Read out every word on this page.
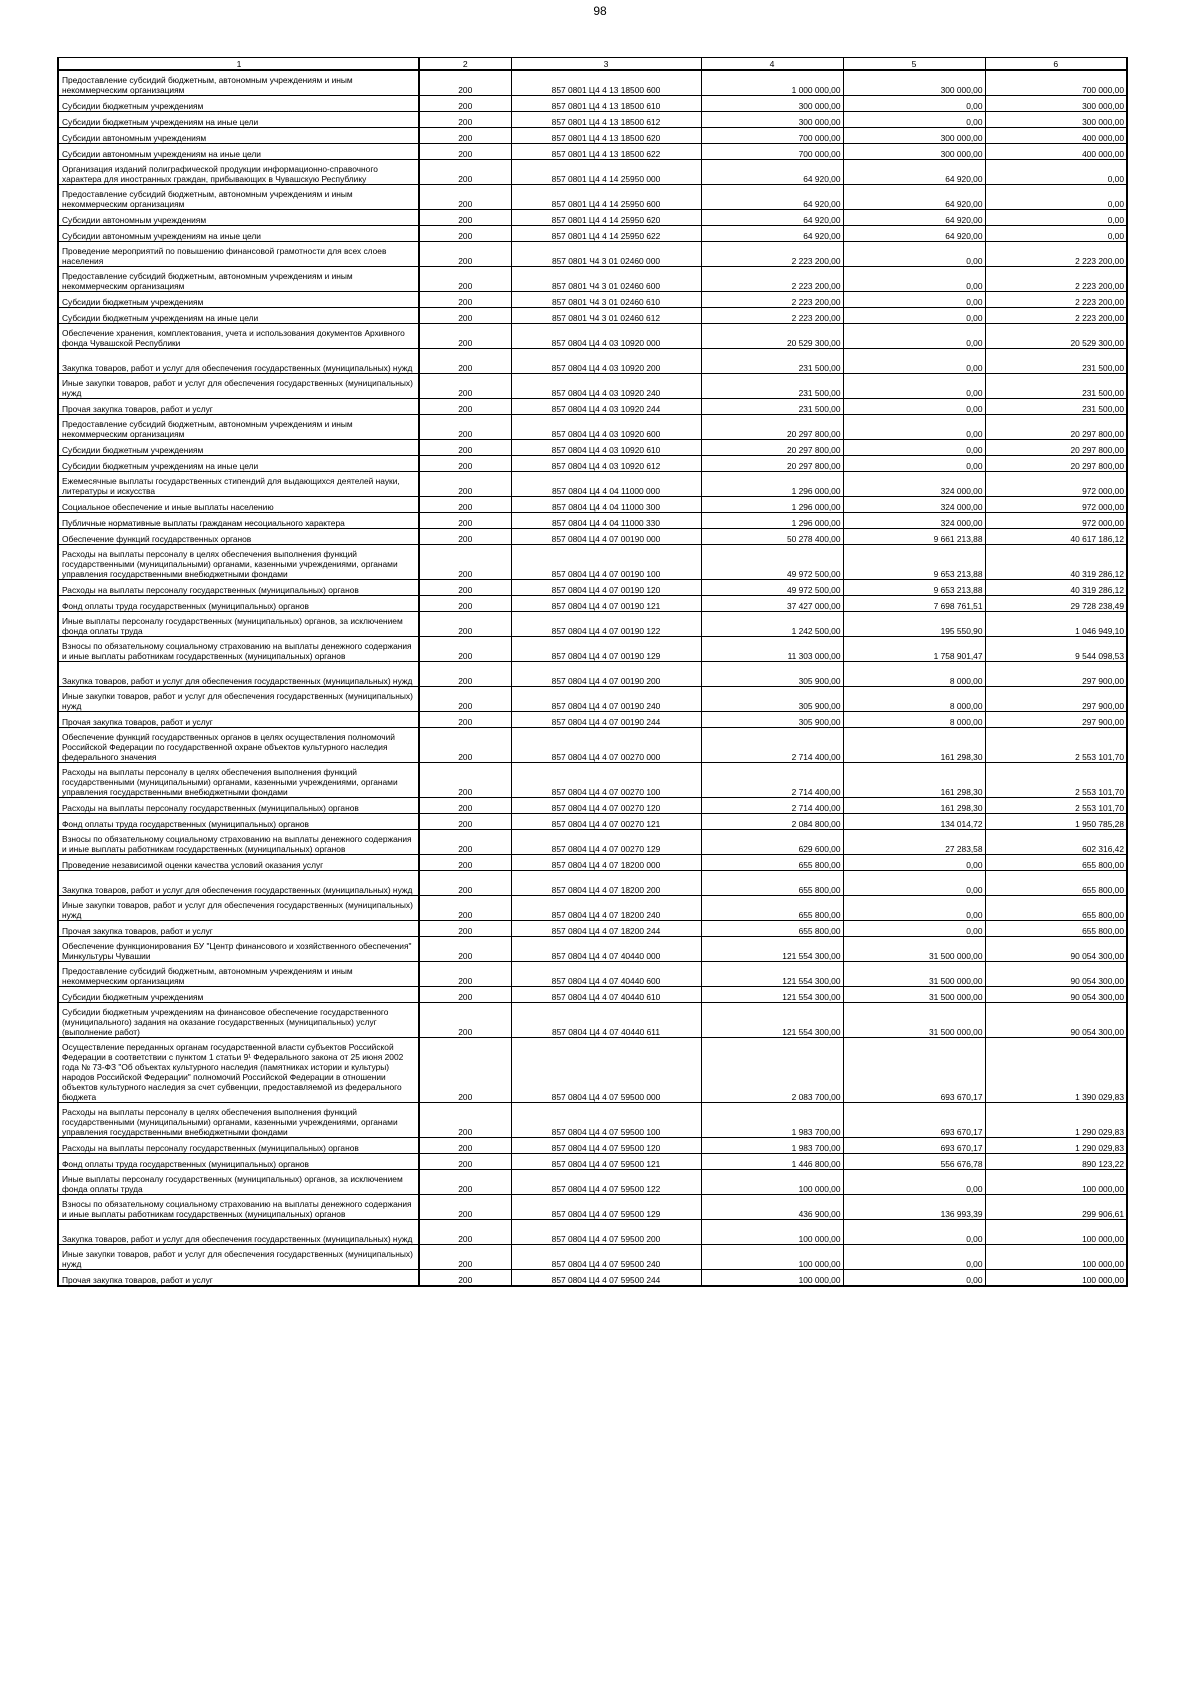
98
1	2	3	4	5	6
Предоставление субсидий бюджетным, автономным учреждениям и иным некоммерческим организациям	200	857 0801 Ц4 4 13 18500 600	1 000 000,00	300 000,00	700 000,00
Субсидии бюджетным учреждениям	200	857 0801 Ц4 4 13 18500 610	300 000,00	0,00	300 000,00
Субсидии бюджетным учреждениям на иные цели	200	857 0801 Ц4 4 13 18500 612	300 000,00	0,00	300 000,00
Субсидии автономным учреждениям	200	857 0801 Ц4 4 13 18500 620	700 000,00	300 000,00	400 000,00
Субсидии автономным учреждениям на иные цели	200	857 0801 Ц4 4 13 18500 622	700 000,00	300 000,00	400 000,00
Организация изданий полиграфической продукции информационно-справочного характера для иностранных граждан, прибывающих в Чувашскую Республику	200	857 0801 Ц4 4 14 25950 000	64 920,00	64 920,00	0,00
Предоставление субсидий бюджетным, автономным учреждениям и иным некоммерческим организациям	200	857 0801 Ц4 4 14 25950 600	64 920,00	64 920,00	0,00
Субсидии автономным учреждениям	200	857 0801 Ц4 4 14 25950 620	64 920,00	64 920,00	0,00
Субсидии автономным учреждениям на иные цели	200	857 0801 Ц4 4 14 25950 622	64 920,00	64 920,00	0,00
Проведение мероприятий по повышению финансовой грамотности для всех слоев населения	200	857 0801 Ч4 3 01 02460 000	2 223 200,00	0,00	2 223 200,00
Предоставление субсидий бюджетным, автономным учреждениям и иным некоммерческим организациям	200	857 0801 Ч4 3 01 02460 600	2 223 200,00	0,00	2 223 200,00
Субсидии бюджетным учреждениям	200	857 0801 Ч4 3 01 02460 610	2 223 200,00	0,00	2 223 200,00
Субсидии бюджетным учреждениям на иные цели	200	857 0801 Ч4 3 01 02460 612	2 223 200,00	0,00	2 223 200,00
Обеспечение хранения, комплектования, учета и использования документов Архивного фонда Чувашской Республики	200	857 0804 Ц4 4 03 10920 000	20 529 300,00	0,00	20 529 300,00
Закупка товаров, работ и услуг для обеспечения государственных (муниципальных) нужд	200	857 0804 Ц4 4 03 10920 200	231 500,00	0,00	231 500,00
Иные закупки товаров, работ и услуг для обеспечения государственных (муниципальных) нужд	200	857 0804 Ц4 4 03 10920 240	231 500,00	0,00	231 500,00
Прочая закупка товаров, работ и услуг	200	857 0804 Ц4 4 03 10920 244	231 500,00	0,00	231 500,00
Предоставление субсидий бюджетным, автономным учреждениям и иным некоммерческим организациям	200	857 0804 Ц4 4 03 10920 600	20 297 800,00	0,00	20 297 800,00
Субсидии бюджетным учреждениям	200	857 0804 Ц4 4 03 10920 610	20 297 800,00	0,00	20 297 800,00
Субсидии бюджетным учреждениям на иные цели	200	857 0804 Ц4 4 03 10920 612	20 297 800,00	0,00	20 297 800,00
Ежемесячные выплаты государственных стипендий для выдающихся деятелей науки, литературы и искусства	200	857 0804 Ц4 4 04 11000 000	1 296 000,00	324 000,00	972 000,00
Социальное обеспечение и иные выплаты населению	200	857 0804 Ц4 4 04 11000 300	1 296 000,00	324 000,00	972 000,00
Публичные нормативные выплаты гражданам несоциального характера	200	857 0804 Ц4 4 04 11000 330	1 296 000,00	324 000,00	972 000,00
Обеспечение функций государственных органов	200	857 0804 Ц4 4 07 00190 000	50 278 400,00	9 661 213,88	40 617 186,12
Расходы на выплаты персоналу в целях обеспечения выполнения функций государственными (муниципальными) органами, казенными учреждениями, органами управления государственными внебюджетными фондами	200	857 0804 Ц4 4 07 00190 100	49 972 500,00	9 653 213,88	40 319 286,12
Расходы на выплаты персоналу государственных (муниципальных) органов	200	857 0804 Ц4 4 07 00190 120	49 972 500,00	9 653 213,88	40 319 286,12
Фонд оплаты труда государственных (муниципальных) органов	200	857 0804 Ц4 4 07 00190 121	37 427 000,00	7 698 761,51	29 728 238,49
Иные выплаты персоналу государственных (муниципальных) органов, за исключением фонда оплаты труда	200	857 0804 Ц4 4 07 00190 122	1 242 500,00	195 550,90	1 046 949,10
Взносы по обязательному социальному страхованию на выплаты денежного содержания и иные выплаты работникам государственных (муниципальных) органов	200	857 0804 Ц4 4 07 00190 129	11 303 000,00	1 758 901,47	9 544 098,53
Закупка товаров, работ и услуг для обеспечения государственных (муниципальных) нужд	200	857 0804 Ц4 4 07 00190 200	305 900,00	8 000,00	297 900,00
Иные закупки товаров, работ и услуг для обеспечения государственных (муниципальных) нужд	200	857 0804 Ц4 4 07 00190 240	305 900,00	8 000,00	297 900,00
Прочая закупка товаров, работ и услуг	200	857 0804 Ц4 4 07 00190 244	305 900,00	8 000,00	297 900,00
Обеспечение функций государственных органов в целях осуществления полномочий Российской Федерации по государственной охране объектов культурного наследия федерального значения	200	857 0804 Ц4 4 07 00270 000	2 714 400,00	161 298,30	2 553 101,70
Расходы на выплаты персоналу в целях обеспечения выполнения функций государственными (муниципальными) органами, казенными учреждениями, органами управления государственными внебюджетными фондами	200	857 0804 Ц4 4 07 00270 100	2 714 400,00	161 298,30	2 553 101,70
Расходы на выплаты персоналу государственных (муниципальных) органов	200	857 0804 Ц4 4 07 00270 120	2 714 400,00	161 298,30	2 553 101,70
Фонд оплаты труда государственных (муниципальных) органов	200	857 0804 Ц4 4 07 00270 121	2 084 800,00	134 014,72	1 950 785,28
Взносы по обязательному социальному страхованию на выплаты денежного содержания и иные выплаты работникам государственных (муниципальных) органов	200	857 0804 Ц4 4 07 00270 129	629 600,00	27 283,58	602 316,42
Проведение независимой оценки качества условий оказания услуг	200	857 0804 Ц4 4 07 18200 000	655 800,00	0,00	655 800,00
Закупка товаров, работ и услуг для обеспечения государственных (муниципальных) нужд	200	857 0804 Ц4 4 07 18200 200	655 800,00	0,00	655 800,00
Иные закупки товаров, работ и услуг для обеспечения государственных (муниципальных) нужд	200	857 0804 Ц4 4 07 18200 240	655 800,00	0,00	655 800,00
Прочая закупка товаров, работ и услуг	200	857 0804 Ц4 4 07 18200 244	655 800,00	0,00	655 800,00
Обеспечение функционирования БУ "Центр финансового и хозяйственного обеспечения" Минкультуры Чувашии	200	857 0804 Ц4 4 07 40440 000	121 554 300,00	31 500 000,00	90 054 300,00
Предоставление субсидий бюджетным, автономным учреждениям и иным некоммерческим организациям	200	857 0804 Ц4 4 07 40440 600	121 554 300,00	31 500 000,00	90 054 300,00
Субсидии бюджетным учреждениям	200	857 0804 Ц4 4 07 40440 610	121 554 300,00	31 500 000,00	90 054 300,00
Субсидии бюджетным учреждениям на финансовое обеспечение государственного (муниципального) задания на оказание государственных (муниципальных) услуг (выполнение работ)	200	857 0804 Ц4 4 07 40440 611	121 554 300,00	31 500 000,00	90 054 300,00
Осуществление переданных органам государственной власти субъектов Российской Федерации в соответствии с пунктом 1 статьи 9¹ Федерального закона от 25 июня 2002 года № 73-ФЗ "Об объектах культурного наследия (памятниках истории и культуры) народов Российской Федерации" полномочий Российской Федерации в отношении объектов культурного наследия за счет субвенции, предоставляемой из федерального бюджета	200	857 0804 Ц4 4 07 59500 000	2 083 700,00	693 670,17	1 390 029,83
Расходы на выплаты персоналу в целях обеспечения выполнения функций государственными (муниципальными) органами, казенными учреждениями, органами управления государственными внебюджетными фондами	200	857 0804 Ц4 4 07 59500 100	1 983 700,00	693 670,17	1 290 029,83
Расходы на выплаты персоналу государственных (муниципальных) органов	200	857 0804 Ц4 4 07 59500 120	1 983 700,00	693 670,17	1 290 029,83
Фонд оплаты труда государственных (муниципальных) органов	200	857 0804 Ц4 4 07 59500 121	1 446 800,00	556 676,78	890 123,22
Иные выплаты персоналу государственных (муниципальных) органов, за исключением фонда оплаты труда	200	857 0804 Ц4 4 07 59500 122	100 000,00	0,00	100 000,00
Взносы по обязательному социальному страхованию на выплаты денежного содержания и иные выплаты работникам государственных (муниципальных) органов	200	857 0804 Ц4 4 07 59500 129	436 900,00	136 993,39	299 906,61
Закупка товаров, работ и услуг для обеспечения государственных (муниципальных) нужд	200	857 0804 Ц4 4 07 59500 200	100 000,00	0,00	100 000,00
Иные закупки товаров, работ и услуг для обеспечения государственных (муниципальных) нужд	200	857 0804 Ц4 4 07 59500 240	100 000,00	0,00	100 000,00
Прочая закупка товаров, работ и услуг	200	857 0804 Ц4 4 07 59500 244	100 000,00	0,00	100 000,00
